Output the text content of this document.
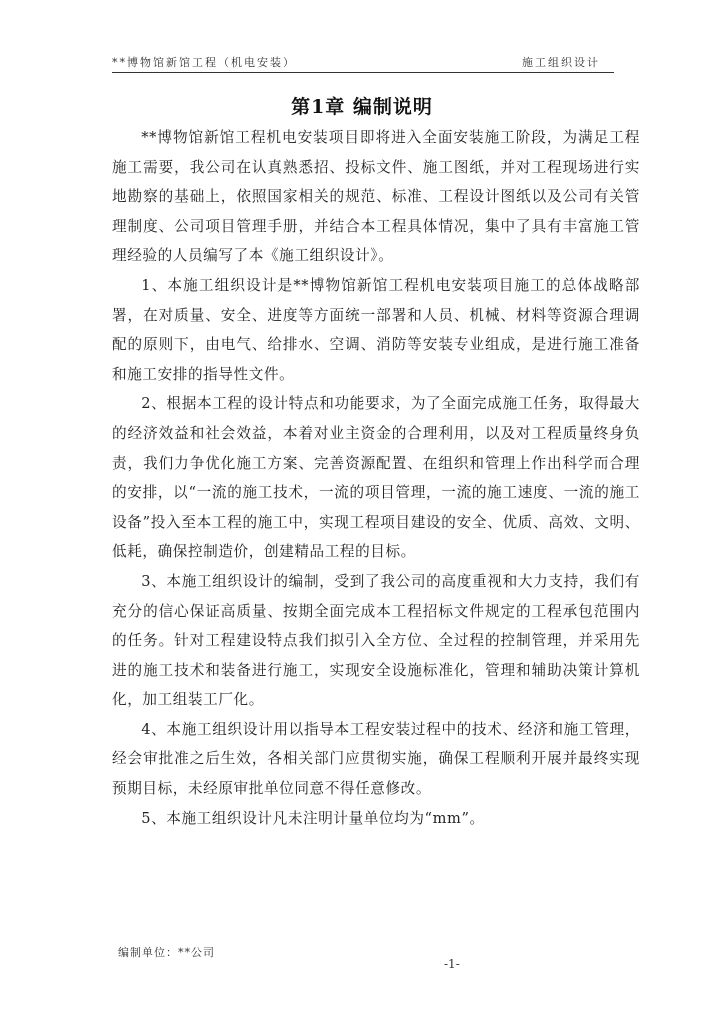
**博物馆新馆工程（机电安装）	施工组织设计
第1章 编制说明

**博物馆新馆工程机电安装项目即将进入全面安装施工阶段，为满足工程施工需要，我公司在认真熟悉招、投标文件、施工图纸，并对工程现场进行实地勘察的基础上，依照国家相关的规范、标准、工程设计图纸以及公司有关管理制度、公司项目管理手册，并结合本工程具体情况，集中了具有丰富施工管理经验的人员编写了本《施工组织设计》。

1、本施工组织设计是**博物馆新馆工程机电安装项目施工的总体战略部署，在对质量、安全、进度等方面统一部署和人员、机械、材料等资源合理调配的原则下，由电气、给排水、空调、消防等安装专业组成，是进行施工准备和施工安排的指导性文件。

2、根据本工程的设计特点和功能要求，为了全面完成施工任务，取得最大的经济效益和社会效益，本着对业主资金的合理利用，以及对工程质量终身负责，我们力争优化施工方案、完善资源配置、在组织和管理上作出科学而合理的安排，以“一流的施工技术，一流的项目管理，一流的施工速度、一流的施工设备”投入至本工程的施工中，实现工程项目建设的安全、优质、高效、文明、低耗，确保控制造价，创建精品工程的目标。

3、本施工组织设计的编制，受到了我公司的高度重视和大力支持，我们有充分的信心保证高质量、按期全面完成本工程招标文件规定的工程承包范围内的任务。针对工程建设特点我们拟引入全方位、全过程的控制管理，并采用先进的施工技术和装备进行施工，实现安全设施标准化，管理和辅助决策计算机化，加工组装工厂化。

4、本施工组织设计用以指导本工程安装过程中的技术、经济和施工管理，经会审批准之后生效，各相关部门应贯彻实施，确保工程顺利开展并最终实现预期目标，未经原审批单位同意不得任意修改。

5、本施工组织设计凡未注明计量单位均为“mm”。

编制单位：**公司
-1-
